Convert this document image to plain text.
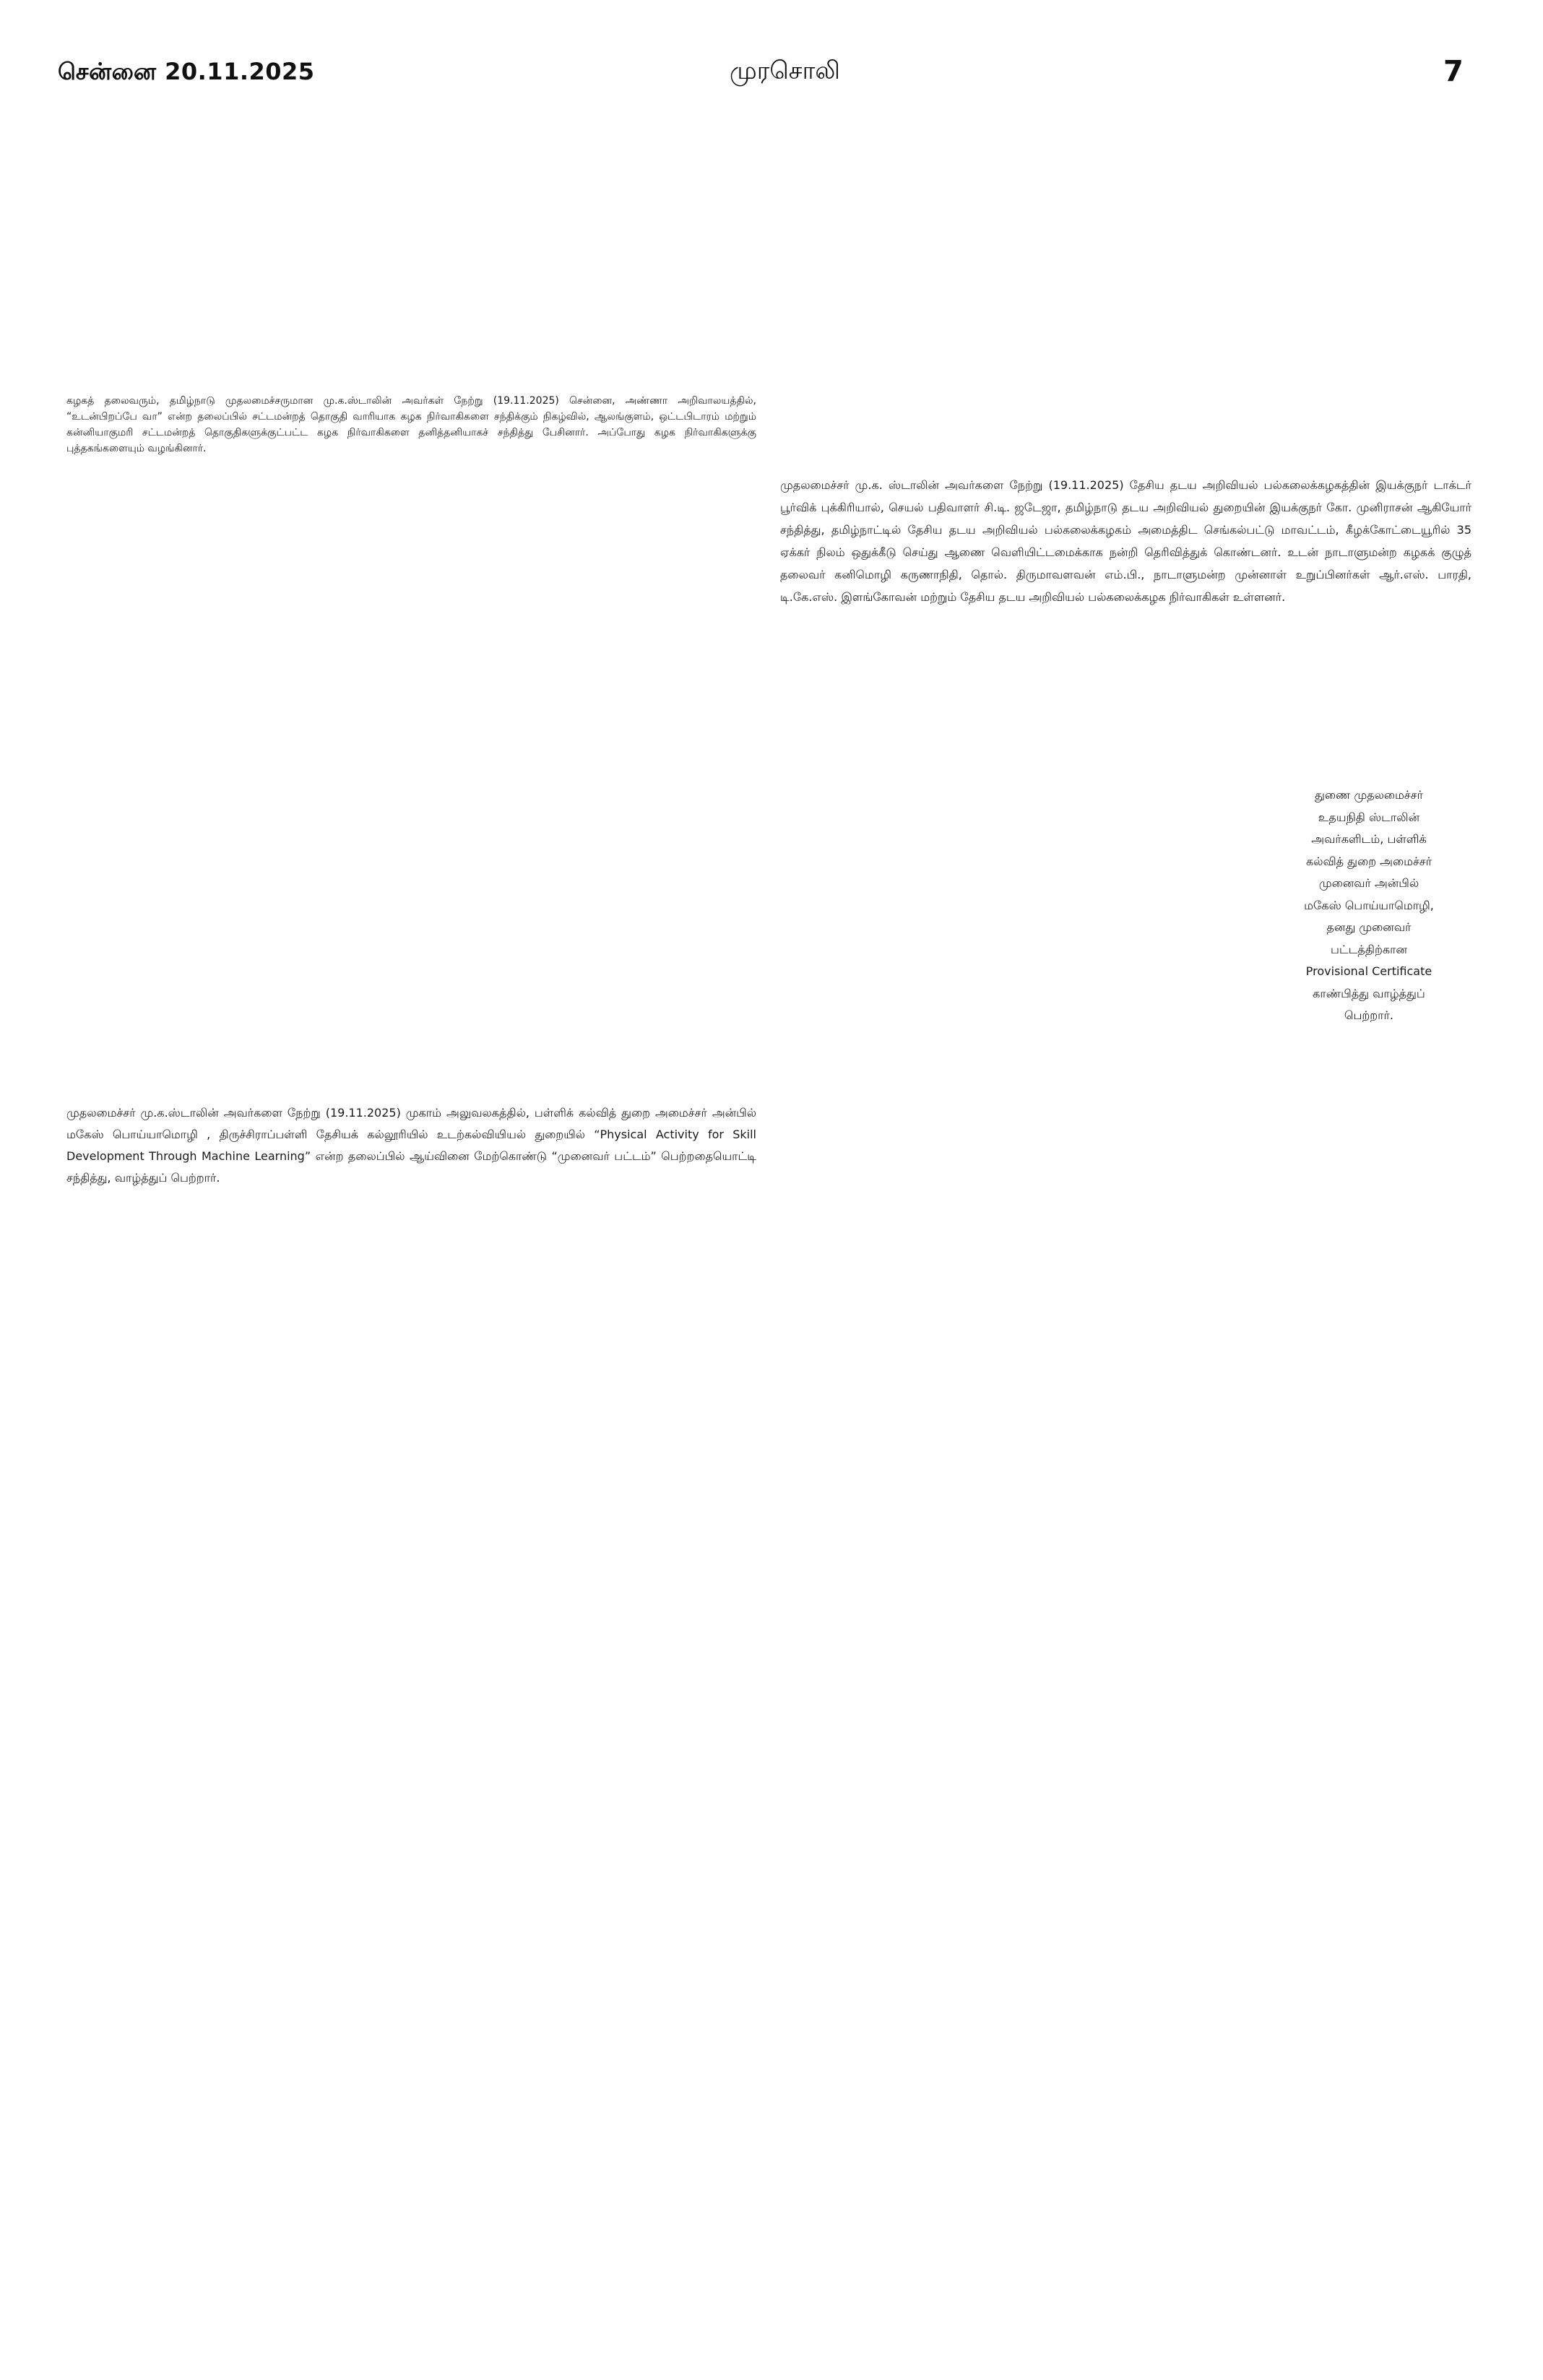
சென்னை 20.11.2025	முரசொலி	7

கழகத் தலைவரும், தமிழ்நாடு முதலமைச்சருமான மு.க.ஸ்டாலின் அவர்கள் நேற்று (19.11.2025) சென்னை, அண்ணா அறிவாலயத்தில், “உடன்பிறப்பே வா” என்ற தலைப்பில் சட்டமன்றத் தொகுதி வாரியாக கழக நிர்வாகிகளை சந்திக்கும் நிகழ்வில், ஆலங்குளம், ஒட்டபிடாரம் மற்றும் கன்னியாகுமரி சட்டமன்றத் தொகுதிகளுக்குட்பட்ட கழக நிர்வாகிகளை தனித்தனியாகச் சந்தித்து பேசினார். அப்போது கழக நிர்வாகிகளுக்கு புத்தகங்களையும் வழங்கினார்.

முதலமைச்சர் மு.க. ஸ்டாலின் அவர்களை நேற்று (19.11.2025) தேசிய தடய அறிவியல் பல்கலைக்கழகத்தின் இயக்குநர் டாக்டர் பூர்விக் புக்கிரியால், செயல் பதிவாளர் சி.டி. ஜடேஜா, தமிழ்நாடு தடய அறிவியல் துறையின் இயக்குநர் கோ. முனிராசன் ஆகியோர் சந்தித்து, தமிழ்நாட்டில் தேசிய தடய அறிவியல் பல்கலைக்கழகம் அமைத்திட செங்கல்பட்டு மாவட்டம், கீழக்கோட்டையூரில் 35 ஏக்கர் நிலம் ஒதுக்கீடு செய்து ஆணை வெளியிட்டமைக்காக நன்றி தெரிவித்துக் கொண்டனர். உடன் நாடாளுமன்ற கழகக் குழுத் தலைவர் கனிமொழி கருணாநிதி, தொல். திருமாவளவன் எம்.பி., நாடாளுமன்ற முன்னாள் உறுப்பினர்கள் ஆர்.எஸ். பாரதி, டி.கே.எஸ். இளங்கோவன் மற்றும் தேசிய தடய அறிவியல் பல்கலைக்கழக நிர்வாகிகள் உள்ளனர்.

துணை முதலமைச்சர்
உதயநிதி ஸ்டாலின்
அவர்களிடம், பள்ளிக்
கல்வித் துறை அமைச்சர்
முனைவர் அன்பில்
மகேஸ் பொய்யாமொழி,
தனது முனைவர்
பட்டத்திற்கான
Provisional Certificate
காண்பித்து வாழ்த்துப்
பெற்றார்.

முதலமைச்சர் மு.க.ஸ்டாலின் அவர்களை நேற்று (19.11.2025) முகாம் அலுவலகத்தில், பள்ளிக் கல்வித் துறை அமைச்சர் அன்பில் மகேஸ் பொய்யாமொழி , திருச்சிராப்பள்ளி தேசியக் கல்லூரியில் உடற்கல்வியியல் துறையில் “Physical Activity for Skill Development Through Machine Learning” என்ற தலைப்பில் ஆய்வினை மேற்கொண்டு “முனைவர் பட்டம்” பெற்றதையொட்டி சந்தித்து, வாழ்த்துப் பெற்றார்.
